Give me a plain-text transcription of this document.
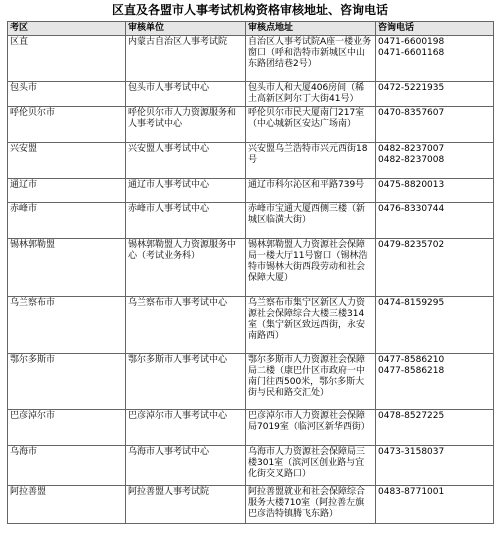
区直及各盟市人事考试机构资格审核地址、咨询电话
考区	审核单位	审核点地址	咨询电话
区直	内蒙古自治区人事考试院	自治区人事考试院A座一楼业务窗口（呼和浩特市新城区中山东路团结巷2号）	0471-6600198
0471-6601168

包头市	包头市人事考试中心	包头市人和大厦406房间（稀土高新区阿尔丁大街41号）	0472-5221935

呼伦贝尔市	呼伦贝尔市人力资源服务和人事考试中心	呼伦贝尔市民大厦南门217室（中心城新区安达广场南）	0470-8357607

兴安盟	兴安盟人事考试中心	兴安盟乌兰浩特市兴元西街18号	0482-8237007
0482-8237008

通辽市	通辽市人事考试中心	通辽市科尔沁区和平路739号	0475-8820013

赤峰市	赤峰市人事考试中心	赤峰市宝通大厦西侧三楼（新城区临潢大街）	0476-8330744

锡林郭勒盟	锡林郭勒盟人力资源服务中心（考试业务科）	锡林郭勒盟人力资源社会保障局一楼大厅11号窗口（锡林浩特市锡林大街西段劳动和社会保障大厦）	0479-8235702

乌兰察布市	乌兰察布市人事考试中心	乌兰察布市集宁区新区人力资源社会保障综合大楼三楼314室（集宁新区致远西街，永安南路西）	0474-8159295

鄂尔多斯市	鄂尔多斯市人事考试中心	鄂尔多斯市人力资源社会保障局二楼（康巴什区市政府一中南门往西500米，鄂尔多斯大街与民和路交汇处）	0477-8586210
0477-8586218

巴彦淖尔市	巴彦淖尔市人事考试中心	巴彦淖尔市人力资源社会保障局7019室（临河区新华西街）	0478-8527225

乌海市	乌海市人事考试中心	乌海市人力资源社会保障局三楼301室（滨河区创业路与宜化街交叉路口）	0473-3158037

阿拉善盟	阿拉善盟人事考试院	阿拉善盟就业和社会保障综合服务大楼710室（阿拉善左旗巴彦浩特镇腾飞东路）	0483-8771001
